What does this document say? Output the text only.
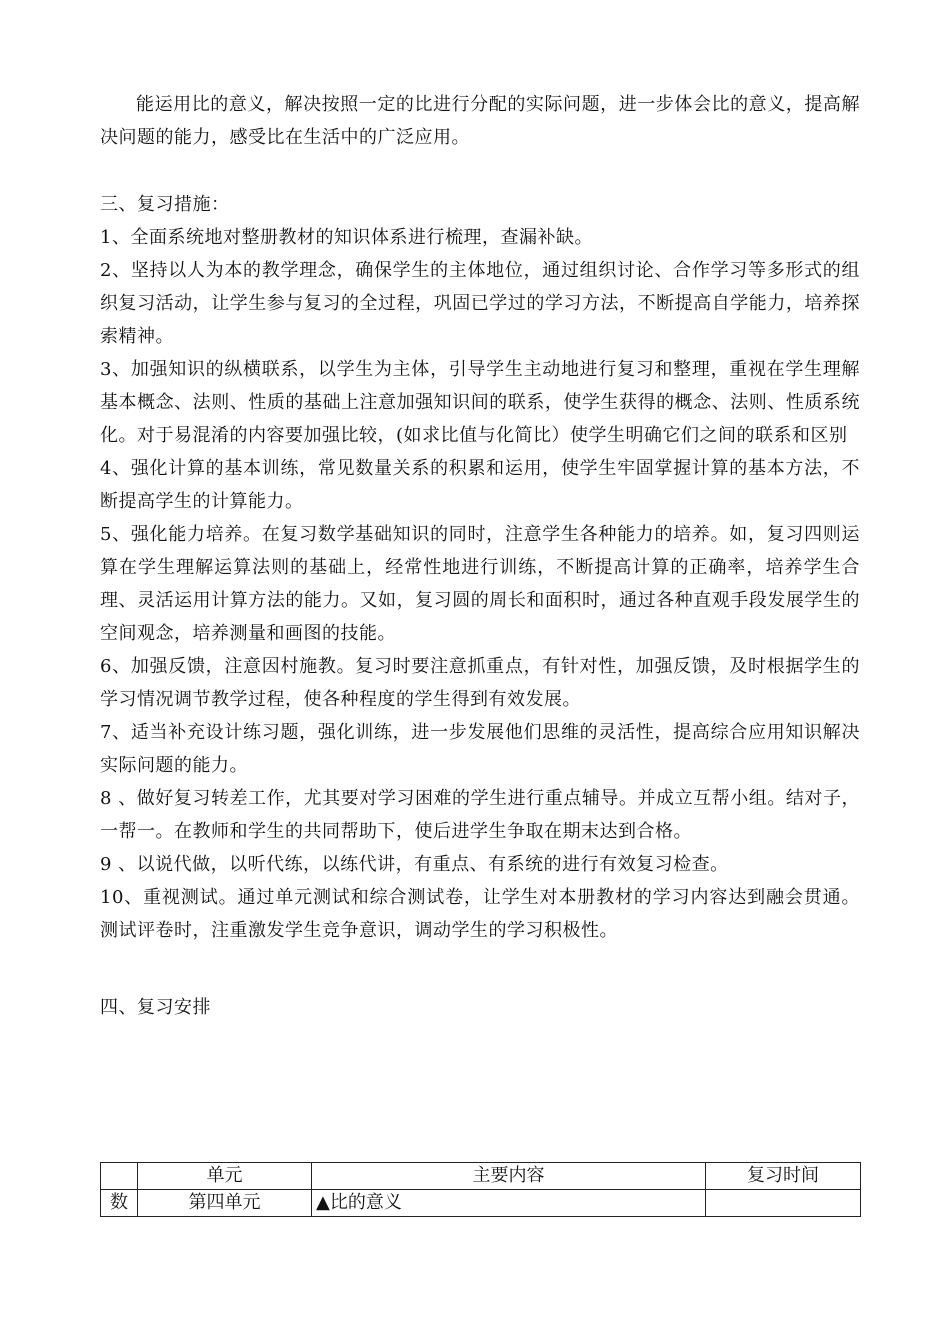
能运用比的意义，解决按照一定的比进行分配的实际问题，进一步体会比的意义，提高解决问题的能力，感受比在生活中的广泛应用。

三、复习措施：

1、全面系统地对整册教材的知识体系进行梳理，查漏补缺。

2、坚持以人为本的教学理念，确保学生的主体地位，通过组织讨论、合作学习等多形式的组织复习活动，让学生参与复习的全过程，巩固已学过的学习方法，不断提高自学能力，培养探索精神。

3、加强知识的纵横联系，以学生为主体，引导学生主动地进行复习和整理，重视在学生理解基本概念、法则、性质的基础上注意加强知识间的联系，使学生获得的概念、法则、性质系统化。对于易混淆的内容要加强比较，(如求比值与化简比）使学生明确它们之间的联系和区别

4、强化计算的基本训练，常见数量关系的积累和运用，使学生牢固掌握计算的基本方法，不断提高学生的计算能力。

5、强化能力培养。在复习数学基础知识的同时，注意学生各种能力的培养。如，复习四则运算在学生理解运算法则的基础上，经常性地进行训练，不断提高计算的正确率，培养学生合理、灵活运用计算方法的能力。又如，复习圆的周长和面积时，通过各种直观手段发展学生的空间观念，培养测量和画图的技能。

6、加强反馈，注意因村施教。复习时要注意抓重点，有针对性，加强反馈，及时根据学生的学习情况调节教学过程，使各种程度的学生得到有效发展。

7、适当补充设计练习题，强化训练，进一步发展他们思维的灵活性，提高综合应用知识解决实际问题的能力。

8 、做好复习转差工作，尤其要对学习困难的学生进行重点辅导。并成立互帮小组。结对子，一帮一。在教师和学生的共同帮助下，使后进学生争取在期末达到合格。

9 、以说代做，以听代练，以练代讲，有重点、有系统的进行有效复习检查。

10、重视测试。通过单元测试和综合测试卷，让学生对本册教材的学习内容达到融会贯通。测试评卷时，注重激发学生竞争意识，调动学生的学习积极性。

四、复习安排

	单元	主要内容	复习时间
数	第四单元	▲比的意义	
